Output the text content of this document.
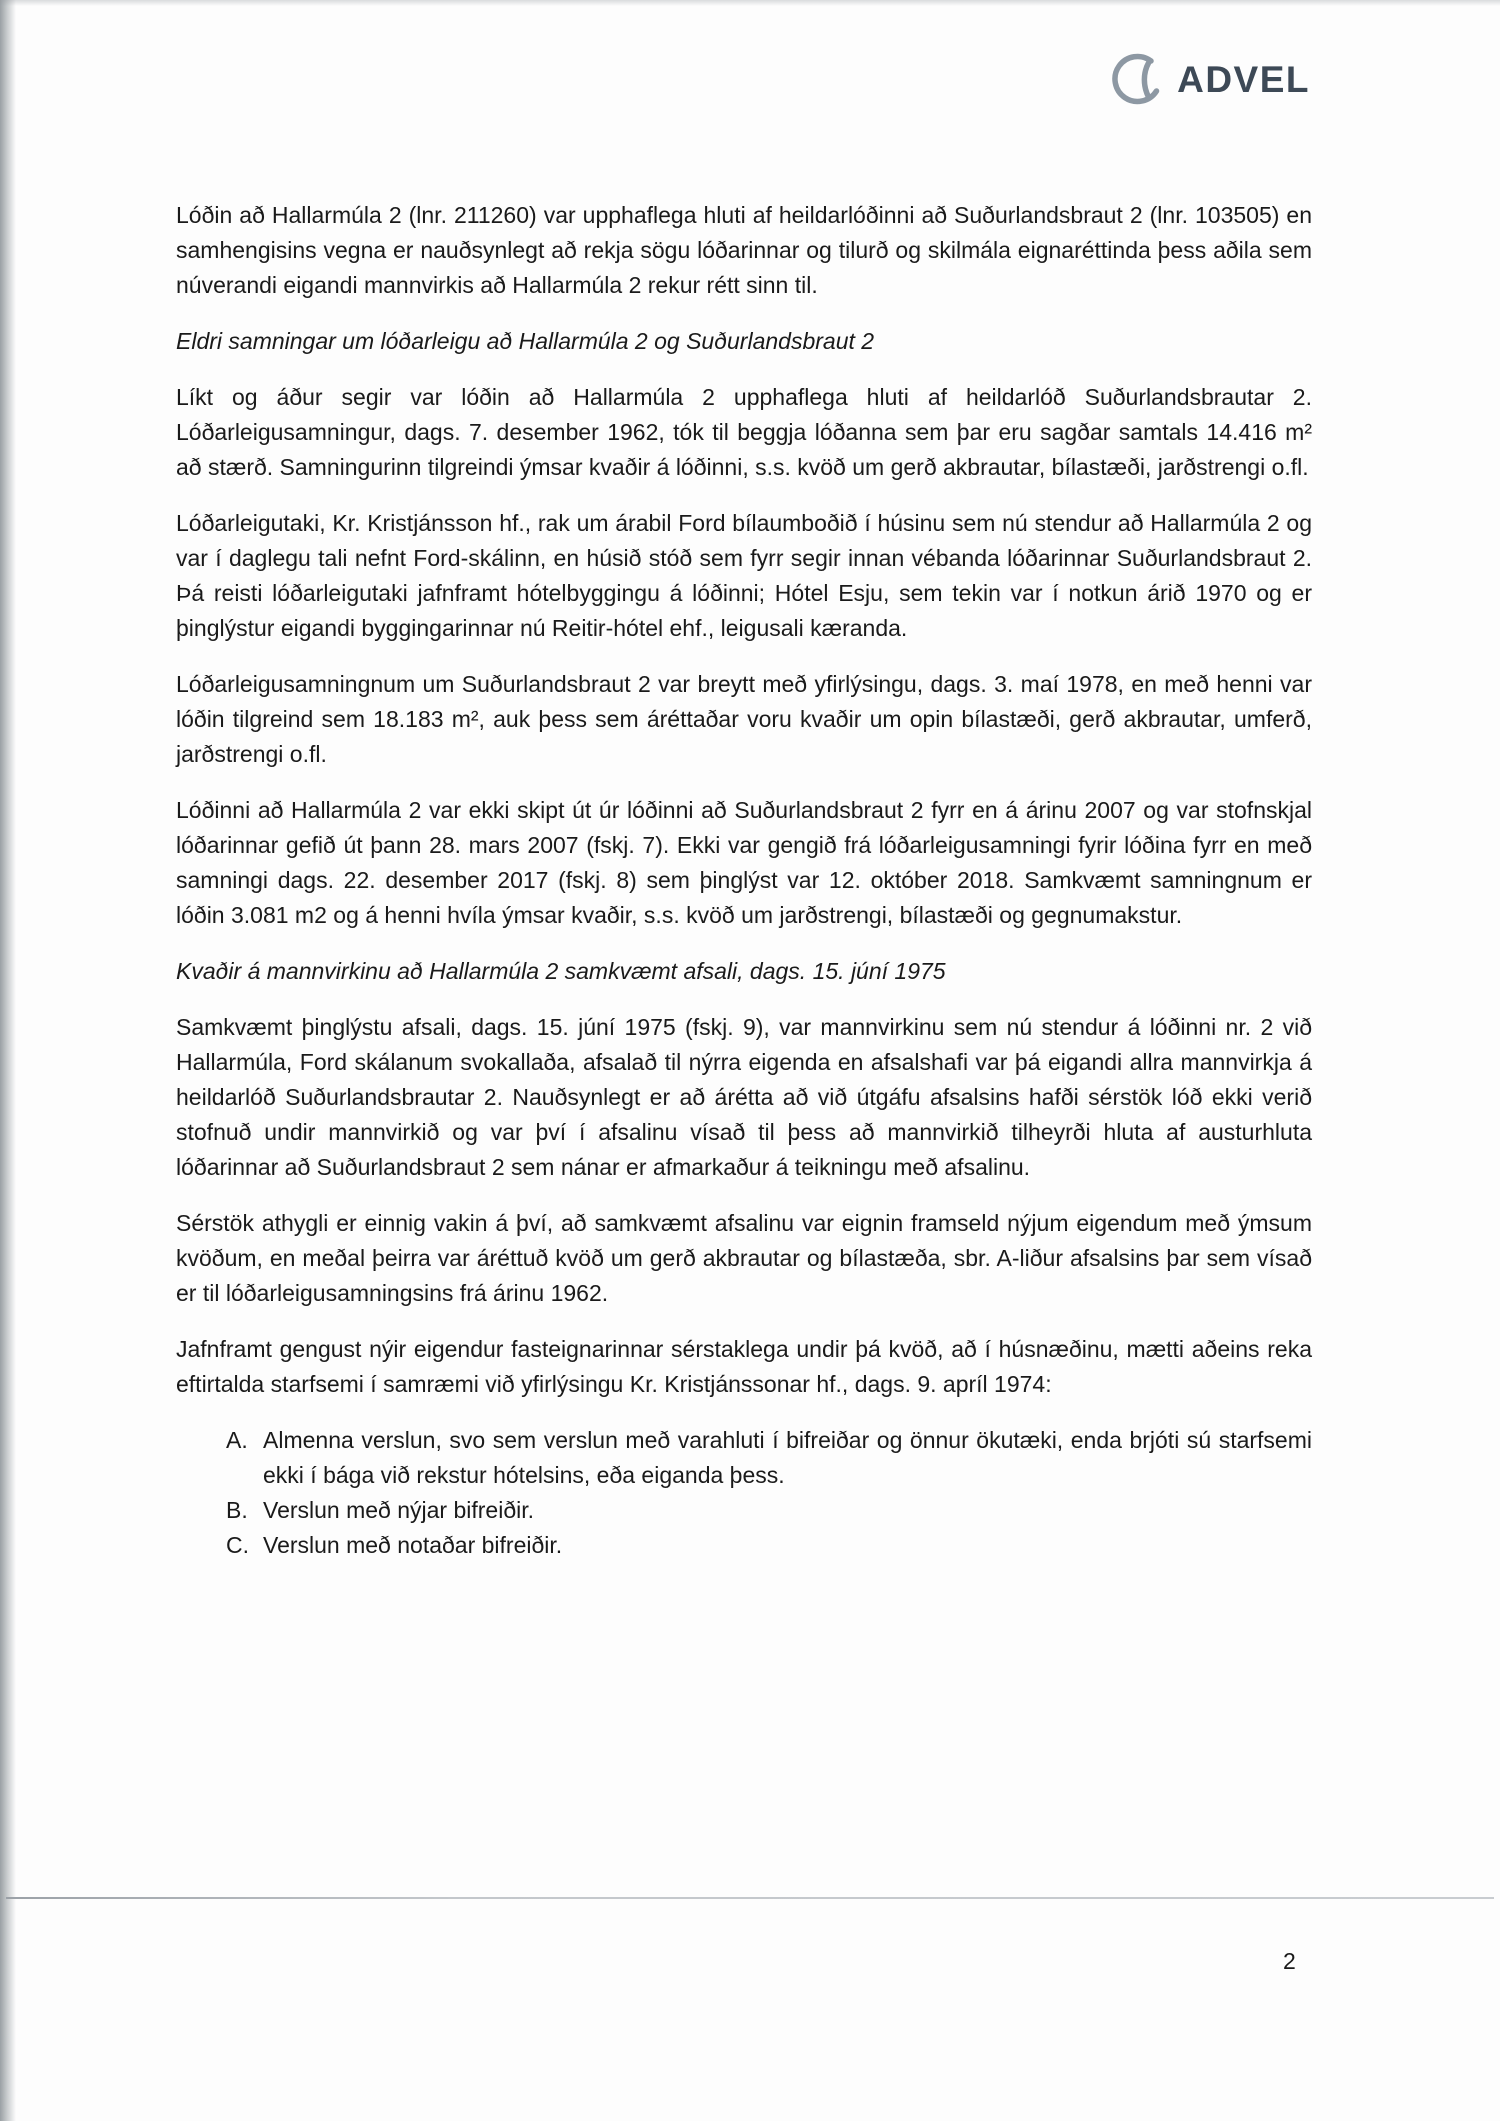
ADVEL

Lóðin að Hallarmúla 2 (lnr. 211260) var upphaflega hluti af heildarlóðinni að Suðurlandsbraut 2 (lnr. 103505) en samhengisins vegna er nauðsynlegt að rekja sögu lóðarinnar og tilurð og skilmála eignaréttinda þess aðila sem núverandi eigandi mannvirkis að Hallarmúla 2 rekur rétt sinn til.

Eldri samningar um lóðarleigu að Hallarmúla 2 og Suðurlandsbraut 2

Líkt og áður segir var lóðin að Hallarmúla 2 upphaflega hluti af heildarlóð Suðurlandsbrautar 2. Lóðarleigusamningur, dags. 7. desember 1962, tók til beggja lóðanna sem þar eru sagðar samtals 14.416 m² að stærð. Samningurinn tilgreindi ýmsar kvaðir á lóðinni, s.s. kvöð um gerð akbrautar, bílastæði, jarðstrengi o.fl.

Lóðarleigutaki, Kr. Kristjánsson hf., rak um árabil Ford bílaumboðið í húsinu sem nú stendur að Hallarmúla 2 og var í daglegu tali nefnt Ford-skálinn, en húsið stóð sem fyrr segir innan vébanda lóðarinnar Suðurlandsbraut 2. Þá reisti lóðarleigutaki jafnframt hótelbyggingu á lóðinni; Hótel Esju, sem tekin var í notkun árið 1970 og er þinglýstur eigandi byggingarinnar nú Reitir-hótel ehf., leigusali kæranda.

Lóðarleigusamningnum um Suðurlandsbraut 2 var breytt með yfirlýsingu, dags. 3. maí 1978, en með henni var lóðin tilgreind sem 18.183 m², auk þess sem áréttaðar voru kvaðir um opin bílastæði, gerð akbrautar, umferð, jarðstrengi o.fl.

Lóðinni að Hallarmúla 2 var ekki skipt út úr lóðinni að Suðurlandsbraut 2 fyrr en á árinu 2007 og var stofnskjal lóðarinnar gefið út þann 28. mars 2007 (fskj. 7). Ekki var gengið frá lóðarleigusamningi fyrir lóðina fyrr en með samningi dags. 22. desember 2017 (fskj. 8) sem þinglýst var 12. október 2018. Samkvæmt samningnum er lóðin 3.081 m2 og á henni hvíla ýmsar kvaðir, s.s. kvöð um jarðstrengi, bílastæði og gegnumakstur.

Kvaðir á mannvirkinu að Hallarmúla 2 samkvæmt afsali, dags. 15. júní 1975

Samkvæmt þinglýstu afsali, dags. 15. júní 1975 (fskj. 9), var mannvirkinu sem nú stendur á lóðinni nr. 2 við Hallarmúla, Ford skálanum svokallaða, afsalað til nýrra eigenda en afsalshafi var þá eigandi allra mannvirkja á heildarlóð Suðurlandsbrautar 2. Nauðsynlegt er að árétta að við útgáfu afsalsins hafði sérstök lóð ekki verið stofnuð undir mannvirkið og var því í afsalinu vísað til þess að mannvirkið tilheyrði hluta af austurhluta lóðarinnar að Suðurlandsbraut 2 sem nánar er afmarkaður á teikningu með afsalinu.

Sérstök athygli er einnig vakin á því, að samkvæmt afsalinu var eignin framseld nýjum eigendum með ýmsum kvöðum, en meðal þeirra var áréttuð kvöð um gerð akbrautar og bílastæða, sbr. A-liður afsalsins þar sem vísað er til lóðarleigusamningsins frá árinu 1962.

Jafnframt gengust nýir eigendur fasteignarinnar sérstaklega undir þá kvöð, að í húsnæðinu, mætti aðeins reka eftirtalda starfsemi í samræmi við yfirlýsingu Kr. Kristjánssonar hf., dags. 9. apríl 1974:

A. Almenna verslun, svo sem verslun með varahluti í bifreiðar og önnur ökutæki, enda brjóti sú starfsemi ekki í bága við rekstur hótelsins, eða eiganda þess.
B. Verslun með nýjar bifreiðir.
C. Verslun með notaðar bifreiðir.
2
